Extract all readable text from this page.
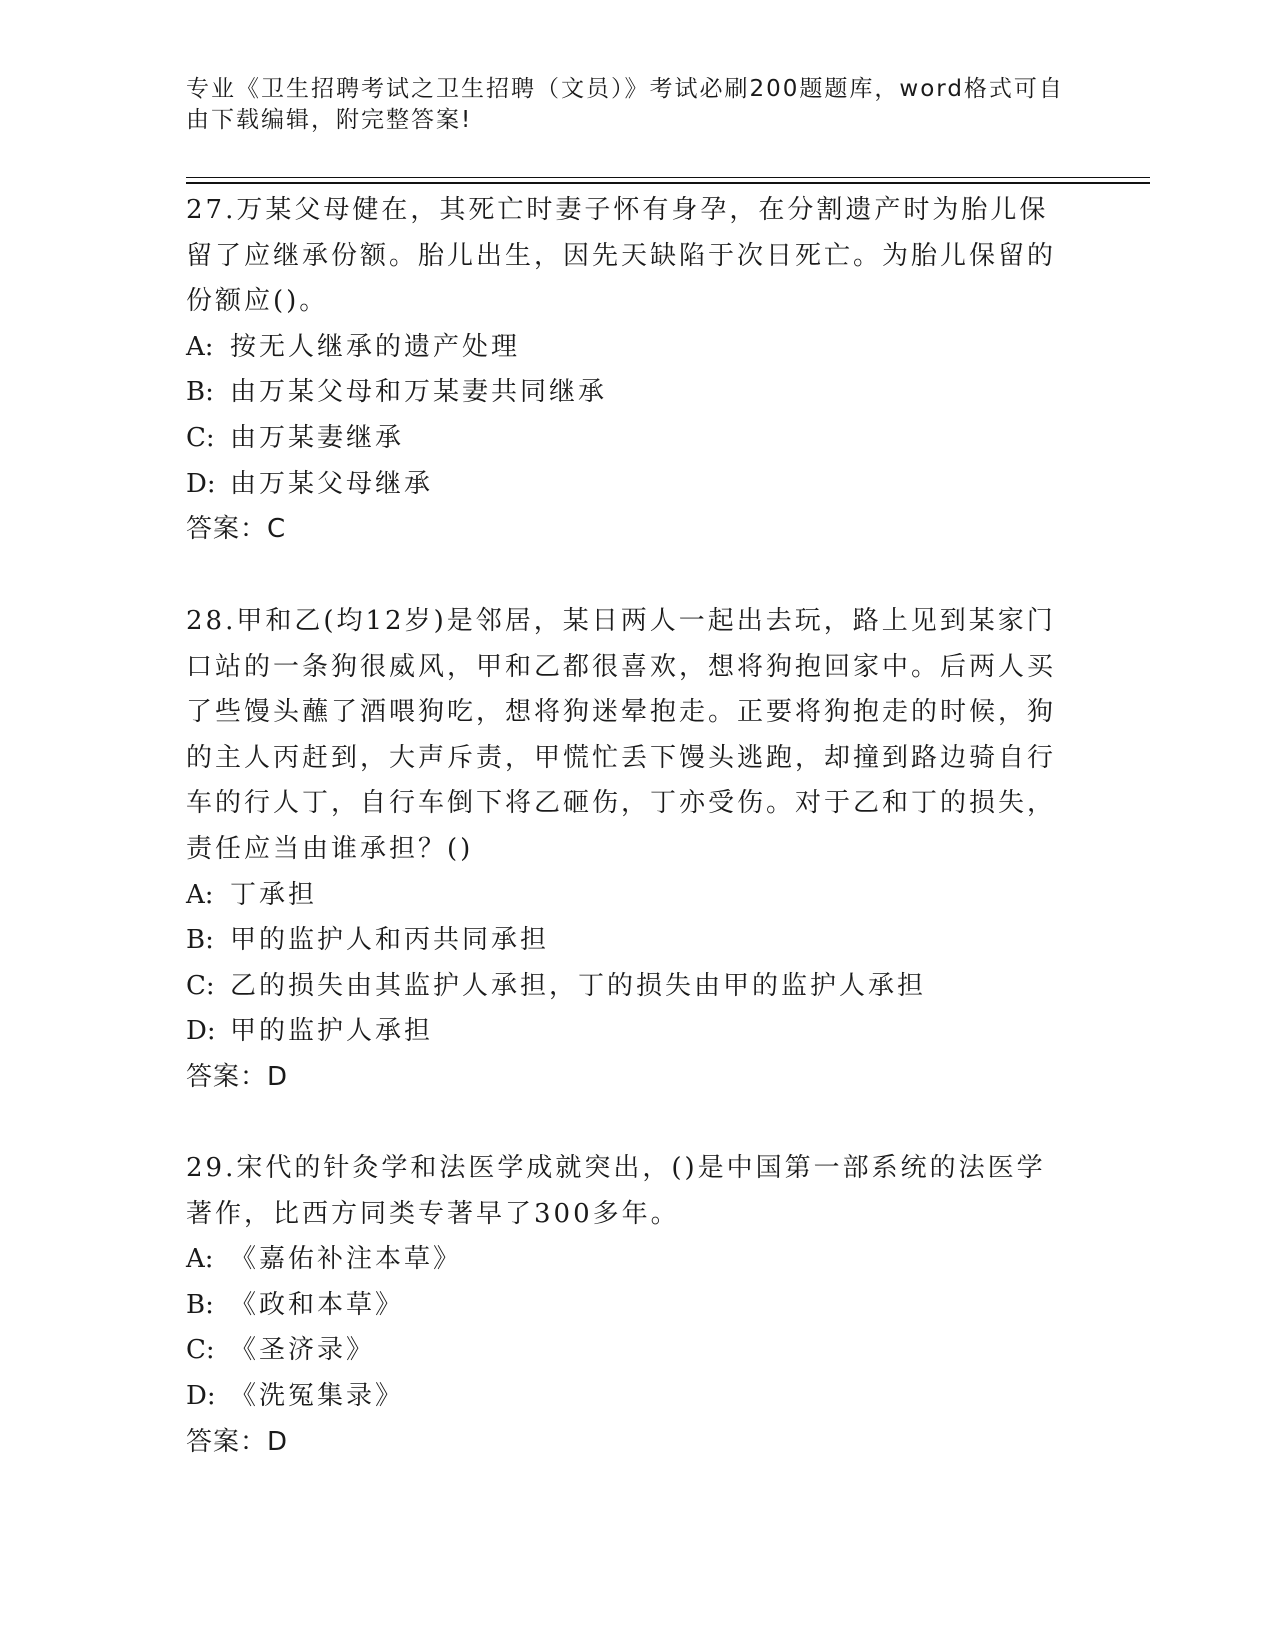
专业《卫生招聘考试之卫生招聘（文员）》考试必刷200题题库，word格式可自由下载编辑，附完整答案!

27.万某父母健在，其死亡时妻子怀有身孕，在分割遗产时为胎儿保留了应继承份额。胎儿出生，因先天缺陷于次日死亡。为胎儿保留的份额应()。

A: 按无人继承的遗产处理

B: 由万某父母和万某妻共同继承

C: 由万某妻继承

D: 由万某父母继承

答案：C

28.甲和乙(均12岁)是邻居，某日两人一起出去玩，路上见到某家门口站的一条狗很威风，甲和乙都很喜欢，想将狗抱回家中。后两人买了些馒头蘸了酒喂狗吃，想将狗迷晕抱走。正要将狗抱走的时候，狗的主人丙赶到，大声斥责，甲慌忙丢下馒头逃跑，却撞到路边骑自行车的行人丁，自行车倒下将乙砸伤，丁亦受伤。对于乙和丁的损失，责任应当由谁承担？()

A: 丁承担

B: 甲的监护人和丙共同承担

C: 乙的损失由其监护人承担，丁的损失由甲的监护人承担

D: 甲的监护人承担

答案：D

29.宋代的针灸学和法医学成就突出，()是中国第一部系统的法医学著作，比西方同类专著早了300多年。

A: 《嘉佑补注本草》

B: 《政和本草》

C: 《圣济录》

D: 《洗冤集录》

答案：D
